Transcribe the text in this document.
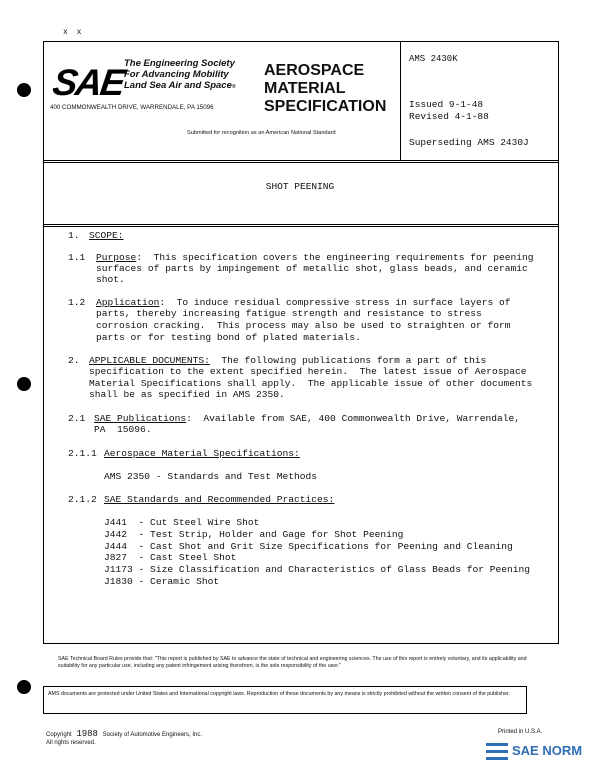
x x
SAE
The Engineering Society
For Advancing Mobility
Land Sea Air and Space®
400 COMMONWEALTH DRIVE, WARRENDALE, PA 15096
AEROSPACE
MATERIAL
SPECIFICATION
Submitted for recognition as an American National Standard
AMS 2430K
Issued 9-1-48
Revised 4-1-88
Superseding AMS 2430J
SHOT PEENING
1. SCOPE:
1.1 Purpose:  This specification covers the engineering requirements for peening
surfaces of parts by impingement of metallic shot, glass beads, and ceramic
shot.
1.2 Application:  To induce residual compressive stress in surface layers of
parts, thereby increasing fatigue strength and resistance to stress
corrosion cracking.  This process may also be used to straighten or form
parts or for testing bond of plated materials.
2. APPLICABLE DOCUMENTS:  The following publications form a part of this
specification to the extent specified herein.  The latest issue of Aerospace
Material Specifications shall apply.  The applicable issue of other documents
shall be as specified in AMS 2350.
2.1 SAE Publications:  Available from SAE, 400 Commonwealth Drive, Warrendale,
PA  15096.
2.1.1 Aerospace Material Specifications:
AMS 2350 - Standards and Test Methods
2.1.2 SAE Standards and Recommended Practices:
J441  - Cut Steel Wire Shot
J442  - Test Strip, Holder and Gage for Shot Peening
J444  - Cast Shot and Grit Size Specifications for Peening and Cleaning
J827  - Cast Steel Shot
J1173 - Size Classification and Characteristics of Glass Beads for Peening
J1830 - Ceramic Shot
SAE Technical Board Rules provide that: "This report is published by SAE to advance the state of technical and engineering sciences. The use of this report is entirely voluntary, and its applicability and suitability for any particular use, including any patent infringement arising therefrom, is the sole responsibility of the user."
AMS documents are protected under United States and International copyright laws. Reproduction of these documents by any means is strictly prohibited without the written consent of the publisher.
Copyright 1988 Society of Automotive Engineers, Inc.
All rights reserved.
Printed in U.S.A.
SAE NORM
